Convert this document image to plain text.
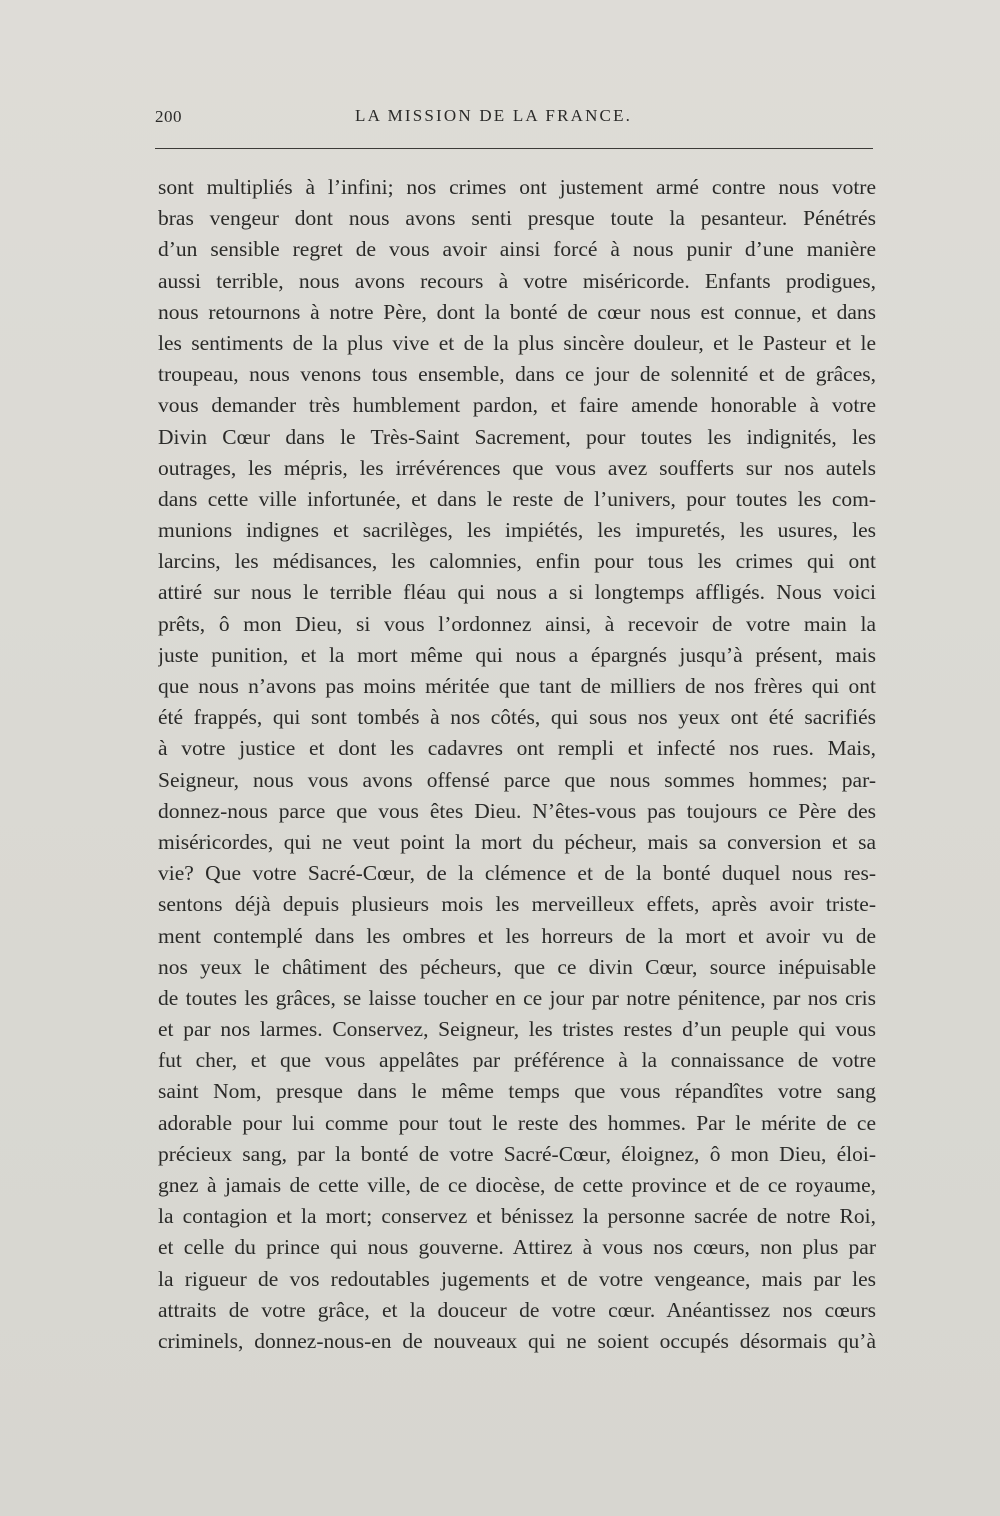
200	LA MISSION DE LA FRANCE.
sont multipliés à l’infini; nos crimes ont justement armé contre nous votre
bras vengeur dont nous avons senti presque toute la pesanteur. Pénétrés
d’un sensible regret de vous avoir ainsi forcé à nous punir d’une manière
aussi terrible, nous avons recours à votre miséricorde. Enfants prodigues,
nous retournons à notre Père, dont la bonté de cœur nous est connue, et dans
les sentiments de la plus vive et de la plus sincère douleur, et le Pasteur et le
troupeau, nous venons tous ensemble, dans ce jour de solennité et de grâces,
vous demander très humblement pardon, et faire amende honorable à votre
Divin Cœur dans le Très-Saint Sacrement, pour toutes les indignités, les
outrages, les mépris, les irrévérences que vous avez soufferts sur nos autels
dans cette ville infortunée, et dans le reste de l’univers, pour toutes les com-
munions indignes et sacrilèges, les impiétés, les impuretés, les usures, les
larcins, les médisances, les calomnies, enfin pour tous les crimes qui ont
attiré sur nous le terrible fléau qui nous a si longtemps affligés. Nous voici
prêts, ô mon Dieu, si vous l’ordonnez ainsi, à recevoir de votre main la
juste punition, et la mort même qui nous a épargnés jusqu’à présent, mais
que nous n’avons pas moins méritée que tant de milliers de nos frères qui ont
été frappés, qui sont tombés à nos côtés, qui sous nos yeux ont été sacrifiés
à votre justice et dont les cadavres ont rempli et infecté nos rues. Mais,
Seigneur, nous vous avons offensé parce que nous sommes hommes; par-
donnez-nous parce que vous êtes Dieu. N’êtes-vous pas toujours ce Père des
miséricordes, qui ne veut point la mort du pécheur, mais sa conversion et sa
vie? Que votre Sacré-Cœur, de la clémence et de la bonté duquel nous res-
sentons déjà depuis plusieurs mois les merveilleux effets, après avoir triste-
ment contemplé dans les ombres et les horreurs de la mort et avoir vu de
nos yeux le châtiment des pécheurs, que ce divin Cœur, source inépuisable
de toutes les grâces, se laisse toucher en ce jour par notre pénitence, par nos cris
et par nos larmes. Conservez, Seigneur, les tristes restes d’un peuple qui vous
fut cher, et que vous appelâtes par préférence à la connaissance de votre
saint Nom, presque dans le même temps que vous répandîtes votre sang
adorable pour lui comme pour tout le reste des hommes. Par le mérite de ce
précieux sang, par la bonté de votre Sacré-Cœur, éloignez, ô mon Dieu, éloi-
gnez à jamais de cette ville, de ce diocèse, de cette province et de ce royaume,
la contagion et la mort; conservez et bénissez la personne sacrée de notre Roi,
et celle du prince qui nous gouverne. Attirez à vous nos cœurs, non plus par
la rigueur de vos redoutables jugements et de votre vengeance, mais par les
attraits de votre grâce, et la douceur de votre cœur. Anéantissez nos cœurs
criminels, donnez-nous-en de nouveaux qui ne soient occupés désormais qu’à
